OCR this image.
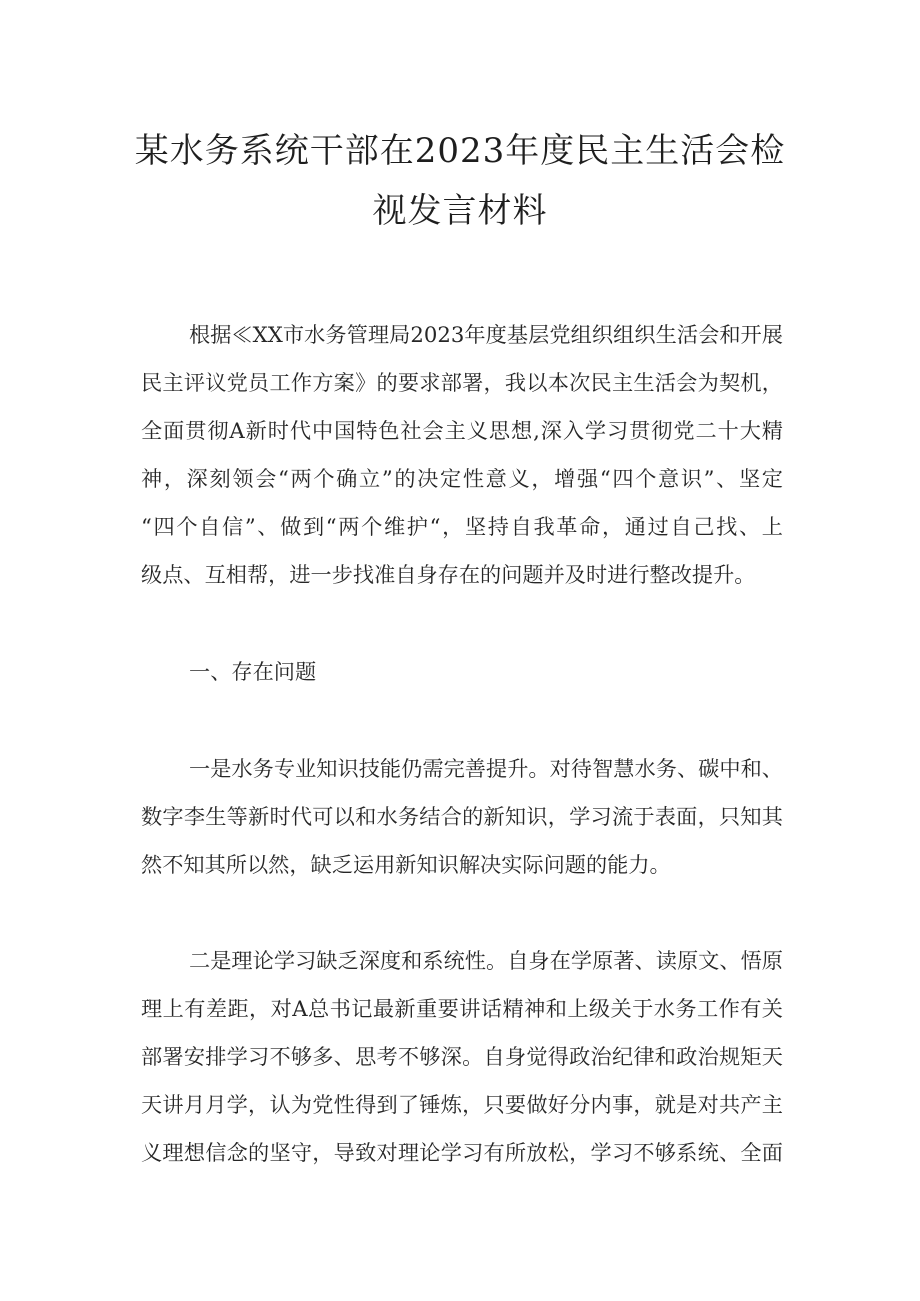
某水务系统干部在2023年度民主生活会检
视发言材料
根据≪XX市水务管理局2023年度基层党组织组织生活会和开展
民主评议党员工作方案》的要求部署，我以本次民主生活会为契机，
全面贯彻A新时代中国特色社会主义思想,深入学习贯彻党二十大精
神，深刻领会“两个确立”的决定性意义，增强“四个意识”、坚定
“四个自信”、做到“两个维护“，坚持自我革命，通过自己找、上
级点、互相帮，进一步找准自身存在的问题并及时进行整改提升。
一、存在问题
一是水务专业知识技能仍需完善提升。对待智慧水务、碳中和、
数字李生等新时代可以和水务结合的新知识，学习流于表面，只知其
然不知其所以然，缺乏运用新知识解决实际问题的能力。
二是理论学习缺乏深度和系统性。自身在学原著、读原文、悟原
理上有差距，对A总书记最新重要讲话精神和上级关于水务工作有关
部署安排学习不够多、思考不够深。自身觉得政治纪律和政治规矩天
天讲月月学，认为党性得到了锤炼，只要做好分内事，就是对共产主
义理想信念的坚守，导致对理论学习有所放松，学习不够系统、全面
